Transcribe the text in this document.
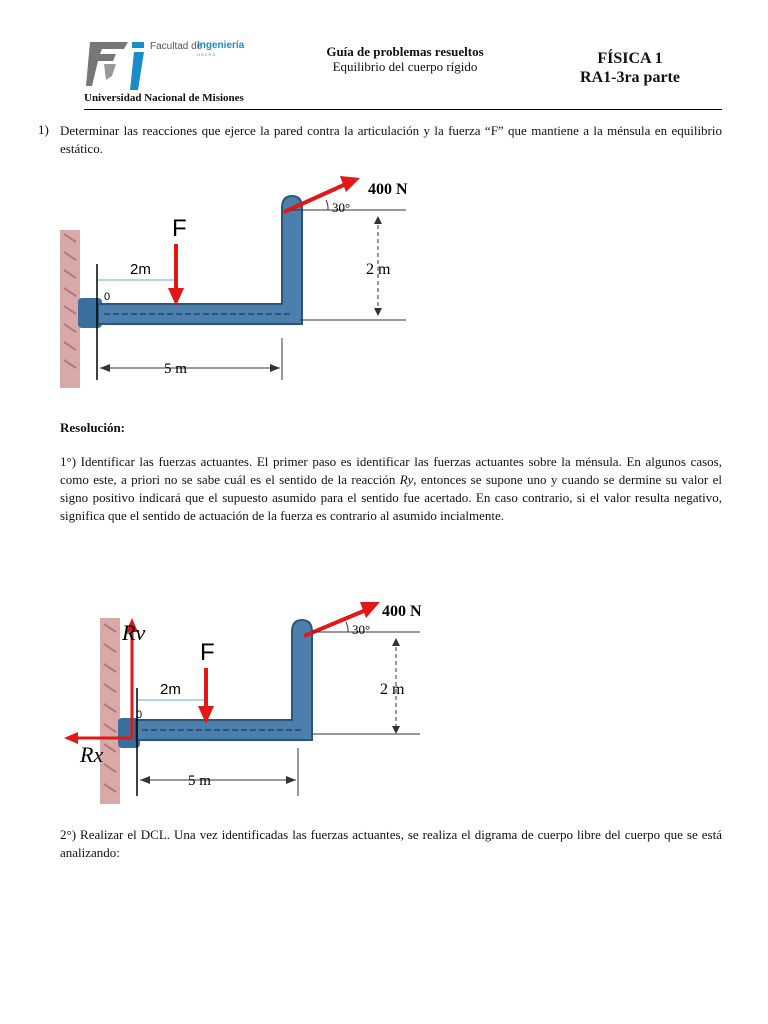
Facultad de
Ingeniería
OBERÁ
Universidad Nacional de Misiones
Guía de problemas resueltos
Equilibrio del cuerpo rígido	FÍSICA 1
RA1-3ra parte
1) Determinar las reacciones que ejerce la pared contra la articulación y la fuerza “F” que mantiene a la ménsula en equilibrio estático.
F
2m
0
400 N
30°
2 m
5 m
Resolución:
1°) Identificar las fuerzas actuantes. El primer paso es identificar las fuerzas actuantes sobre la ménsula. En algunos casos, como este, a priori no se sabe cuál es el sentido de la reacción Ry, entonces se supone uno y cuando se dermine su valor el signo positivo indicará que el supuesto asumido para el sentido fue acertado. En caso contrario, si el valor resulta negativo, significa que el sentido de actuación de la fuerza es contrario al asumido incialmente.
Rv
Rx
F
2m
0
400 N
30°
2 m
5 m
2°) Realizar el DCL. Una vez identificadas las fuerzas actuantes, se realiza el digrama de cuerpo libre del cuerpo que se está analizando:
